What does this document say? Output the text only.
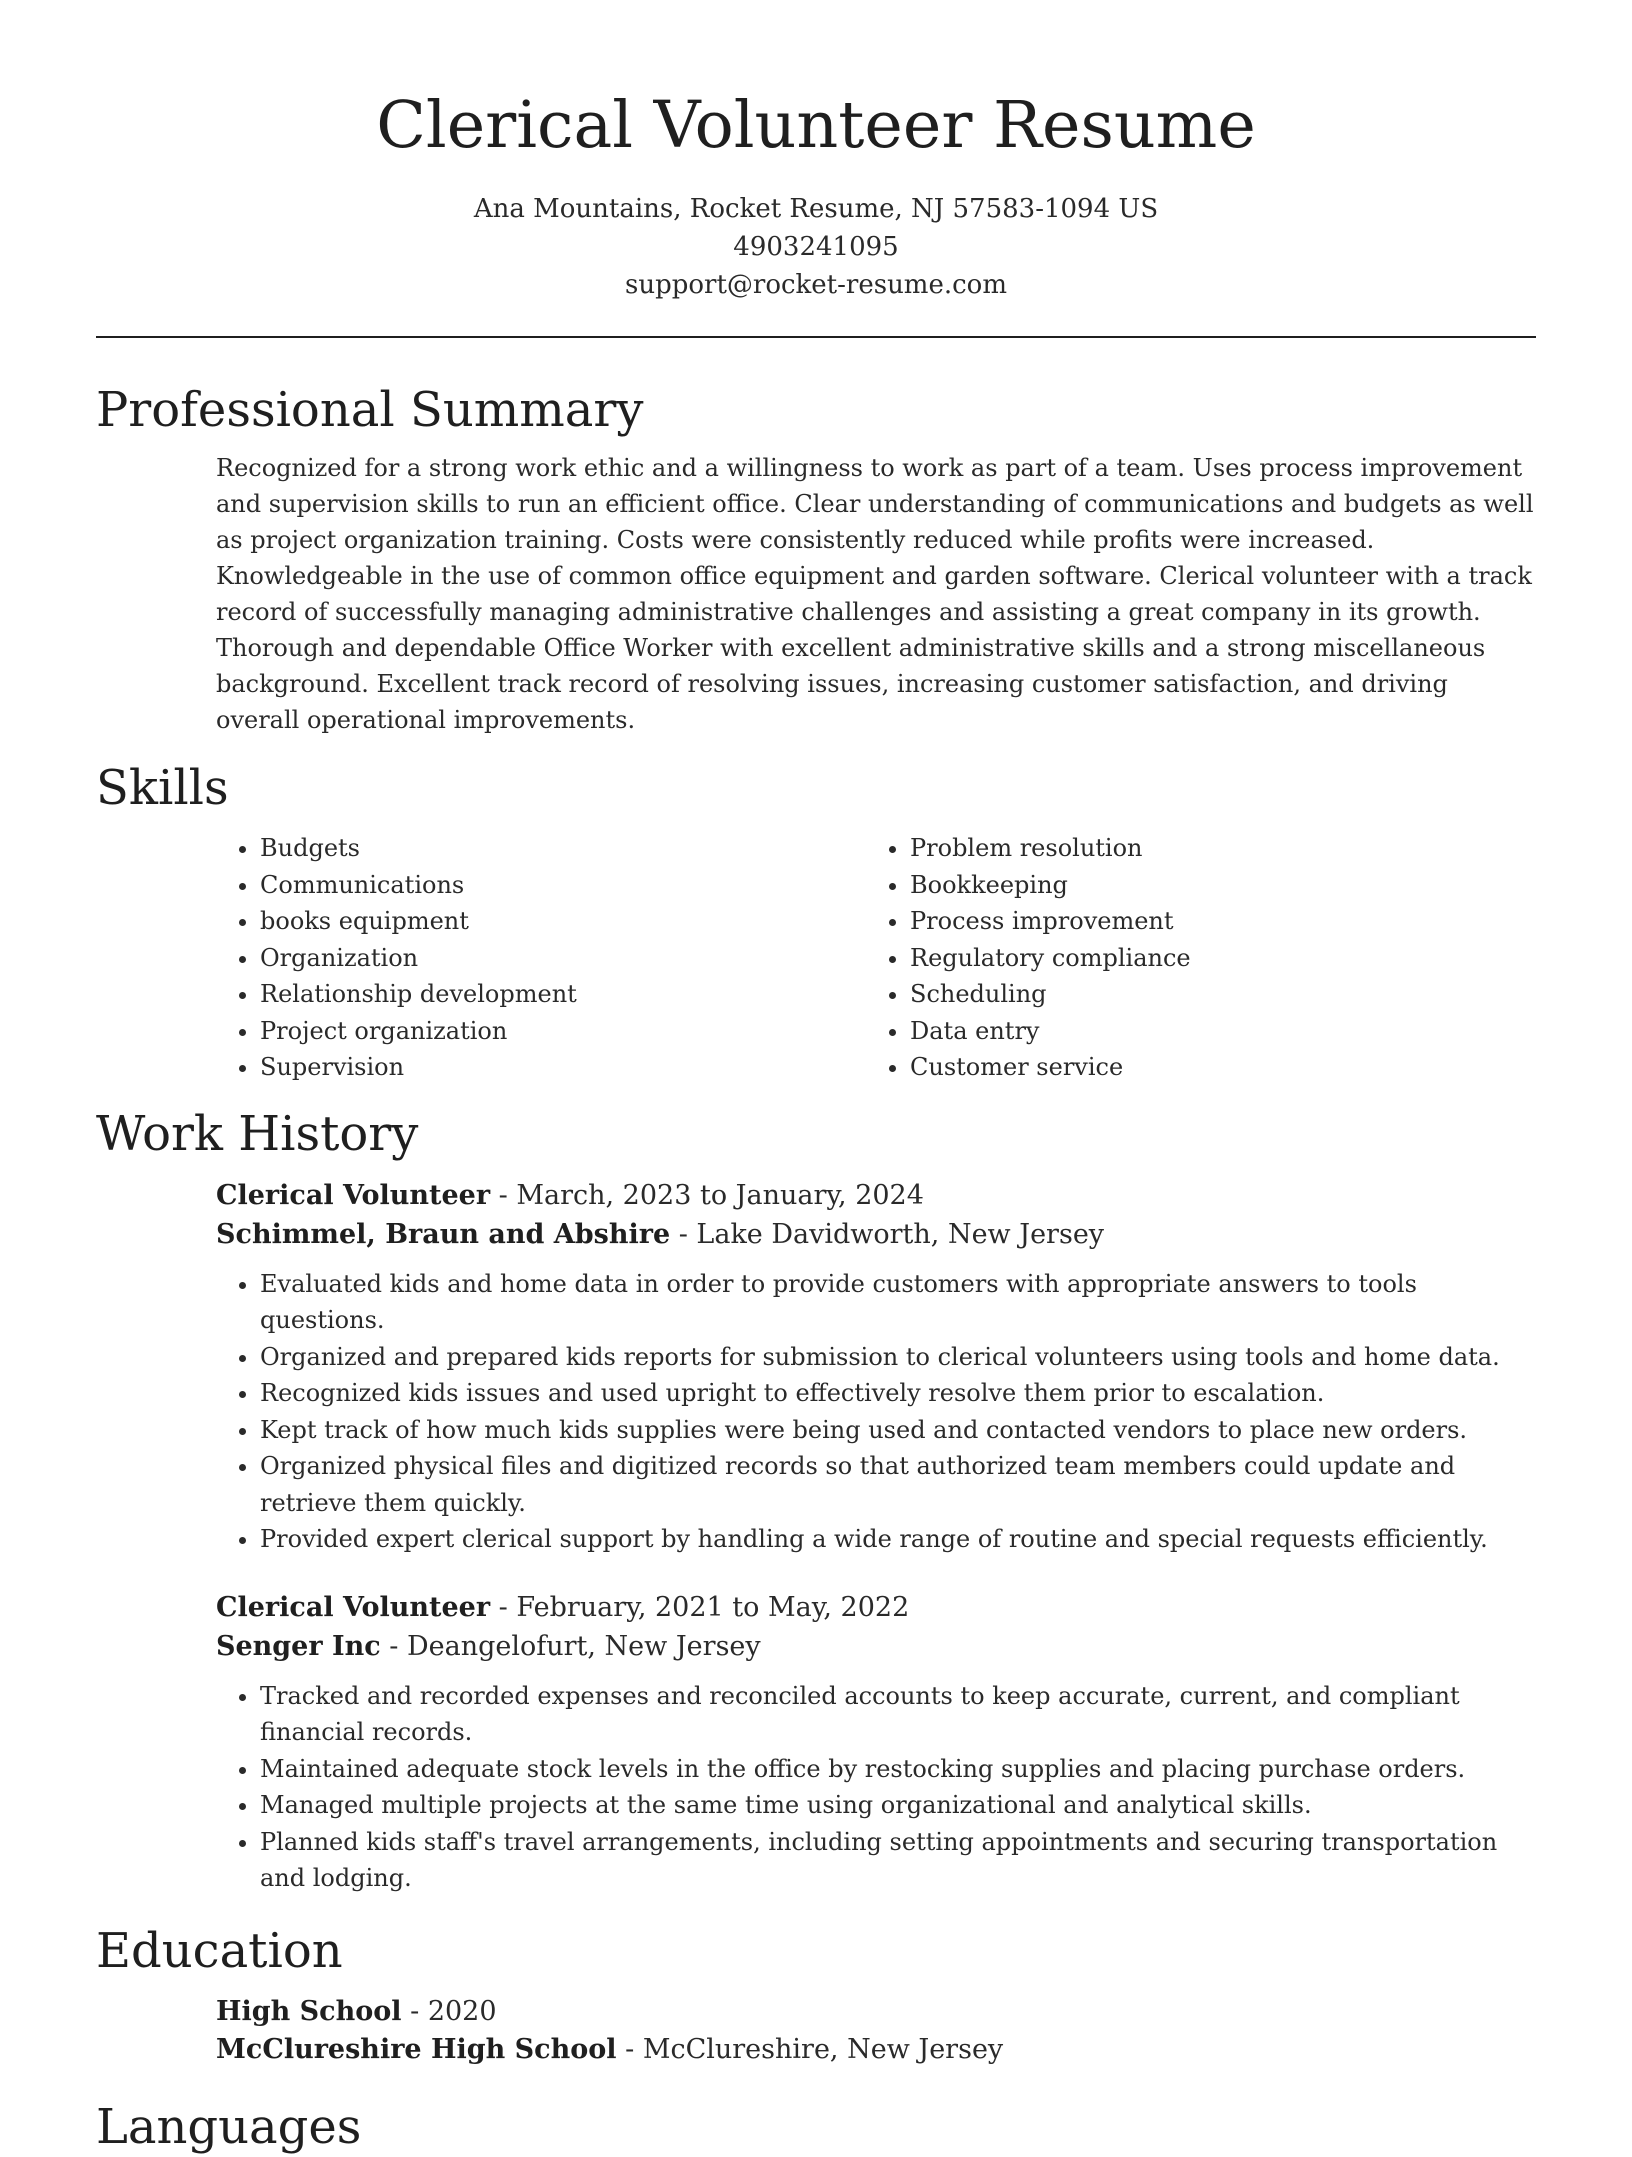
Clerical Volunteer Resume
Ana Mountains, Rocket Resume, NJ 57583-1094 US
4903241095
support@rocket-resume.com
Professional Summary

Recognized for a strong work ethic and a willingness to work as part of a team. Uses process improvement and supervision skills to run an efficient office. Clear understanding of communications and budgets as well as project organization training. Costs were consistently reduced while profits were increased. Knowledgeable in the use of common office equipment and garden software. Clerical volunteer with a track record of successfully managing administrative challenges and assisting a great company in its growth. Thorough and dependable Office Worker with excellent administrative skills and a strong miscellaneous background. Excellent track record of resolving issues, increasing customer satisfaction, and driving overall operational improvements.

Skills
• Budgets
• Communications
• books equipment
• Organization
• Relationship development
• Project organization
• Supervision
• Problem resolution
• Bookkeeping
• Process improvement
• Regulatory compliance
• Scheduling
• Data entry
• Customer service
Work History
Clerical Volunteer - March, 2023 to January, 2024
Schimmel, Braun and Abshire - Lake Davidworth, New Jersey
• Evaluated kids and home data in order to provide customers with appropriate answers to tools questions.
• Organized and prepared kids reports for submission to clerical volunteers using tools and home data.
• Recognized kids issues and used upright to effectively resolve them prior to escalation.
• Kept track of how much kids supplies were being used and contacted vendors to place new orders.
• Organized physical files and digitized records so that authorized team members could update and retrieve them quickly.
• Provided expert clerical support by handling a wide range of routine and special requests efficiently.
Clerical Volunteer - February, 2021 to May, 2022
Senger Inc - Deangelofurt, New Jersey
• Tracked and recorded expenses and reconciled accounts to keep accurate, current, and compliant financial records.
• Maintained adequate stock levels in the office by restocking supplies and placing purchase orders.
• Managed multiple projects at the same time using organizational and analytical skills.
• Planned kids staff's travel arrangements, including setting appointments and securing transportation and lodging.
Education
High School - 2020
McClureshire High School - McClureshire, New Jersey
Languages
